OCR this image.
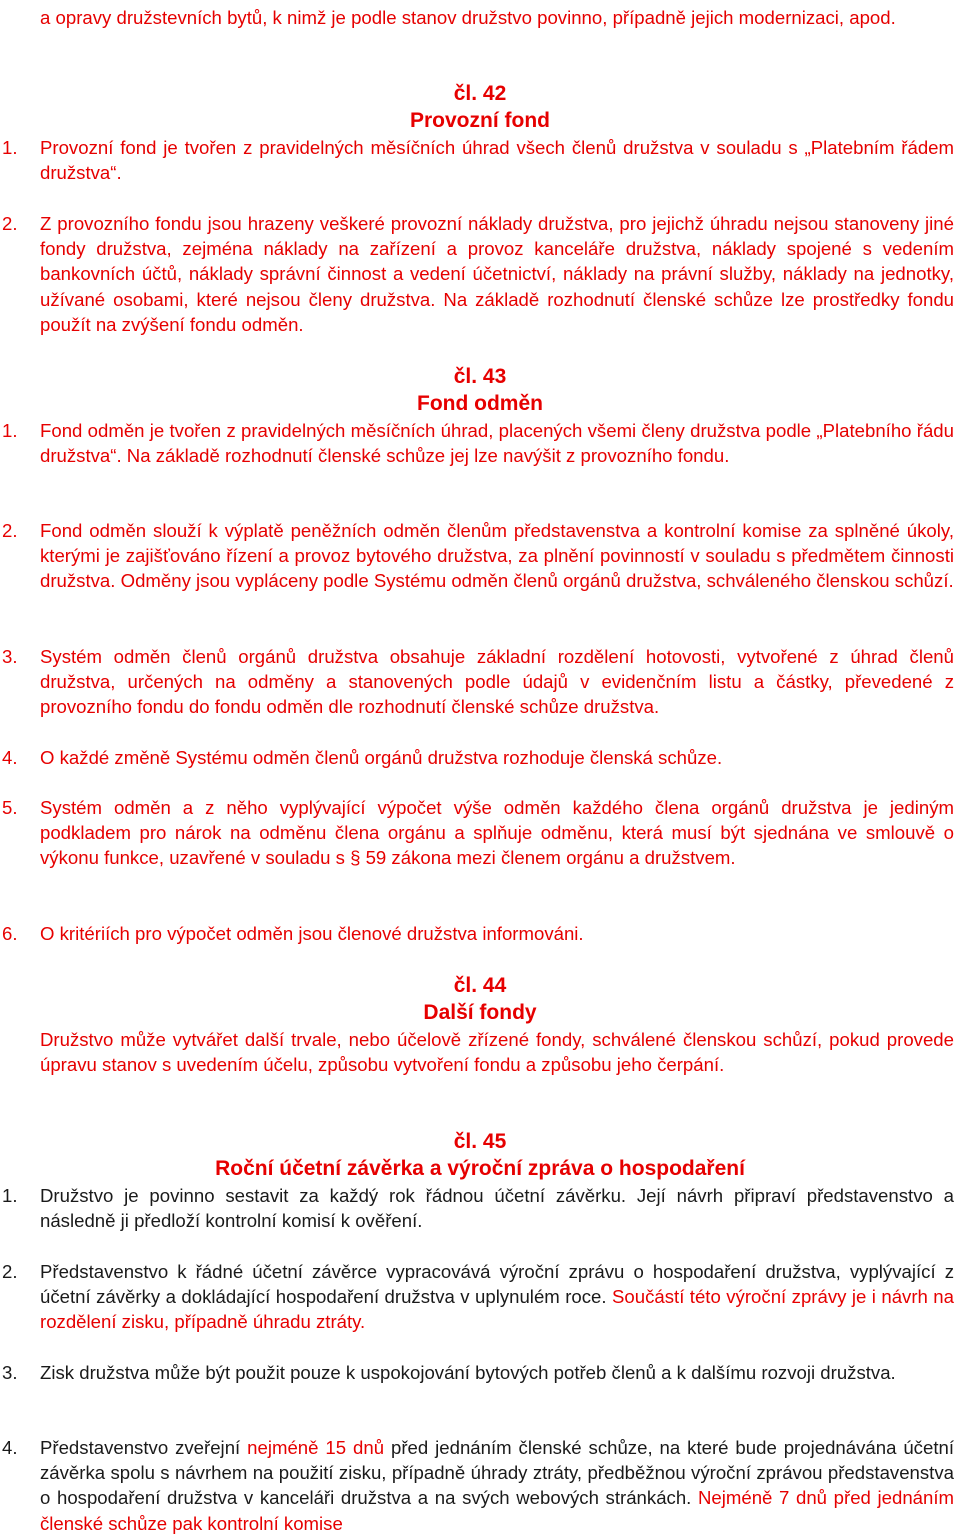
a opravy družstevních bytů, k nimž je podle stanov družstvo povinno, případně jejich modernizaci, apod.

čl. 42

Provozní fond

1.	Provozní fond je tvořen z pravidelných měsíčních úhrad všech členů družstva v souladu s „Platebním řádem družstva“.

2.	Z provozního fondu jsou hrazeny veškeré provozní náklady družstva, pro jejichž úhradu nejsou stanoveny jiné fondy družstva, zejména náklady na zařízení a provoz kanceláře družstva, náklady spojené s vedením bankovních účtů, náklady správní činnost a vedení účetnictví, náklady na právní služby, náklady na jednotky, užívané osobami, které nejsou členy družstva. Na základě rozhodnutí členské schůze lze prostředky fondu použít na zvýšení fondu odměn.

čl. 43

Fond odměn

1.	Fond odměn je tvořen z pravidelných měsíčních úhrad, placených všemi členy družstva podle „Platebního řádu družstva“. Na základě rozhodnutí členské schůze jej lze navýšit z provozního fondu.

2.	Fond odměn slouží k výplatě peněžních odměn členům představenstva a kontrolní komise za splněné úkoly, kterými je zajišťováno řízení a provoz bytového družstva, za plnění povinností v souladu s předmětem činnosti družstva. Odměny jsou vypláceny podle Systému odměn členů orgánů družstva, schváleného členskou schůzí.

3.	Systém odměn členů orgánů družstva obsahuje základní rozdělení hotovosti, vytvořené z úhrad členů družstva, určených na odměny a stanovených podle údajů v evidenčním listu a částky, převedené z provozního fondu do fondu odměn dle rozhodnutí členské schůze družstva.

4.	O každé změně Systému odměn členů orgánů družstva rozhoduje členská schůze.

5.	Systém odměn a z něho vyplývající výpočet výše odměn každého člena orgánů družstva je jediným podkladem pro nárok na odměnu člena orgánu a splňuje odměnu, která musí být sjednána ve smlouvě o výkonu funkce, uzavřené v souladu s § 59 zákona mezi členem orgánu a družstvem.

6.	O kritériích pro výpočet odměn jsou členové družstva informováni.

čl. 44

Další fondy

Družstvo může vytvářet další trvale, nebo účelově zřízené fondy, schválené členskou schůzí, pokud provede úpravu stanov s uvedením účelu, způsobu vytvoření fondu a způsobu jeho čerpání.

čl. 45

Roční účetní závěrka a výroční zpráva o hospodaření

1.	Družstvo je povinno sestavit za každý rok řádnou účetní závěrku. Její návrh připraví představenstvo a následně ji předloží kontrolní komisí k ověření.

2.	Představenstvo k řádné účetní závěrce vypracovává výroční zprávu o hospodaření družstva, vyplývající z účetní závěrky a dokládající hospodaření družstva v uplynulém roce. Součástí této výroční zprávy je i návrh na rozdělení zisku, případně úhradu ztráty.

3.	Zisk družstva může být použit pouze k uspokojování bytových potřeb členů a k dalšímu rozvoji družstva.

4.	Představenstvo zveřejní nejméně 15 dnů před jednáním členské schůze, na které bude projednávána účetní závěrka spolu s návrhem na použití zisku, případně úhrady ztráty, předběžnou výroční zprávou představenstva o hospodaření družstva v kanceláři družstva a na svých webových stránkách. Nejméně 7 dnů před jednáním členské schůze pak kontrolní komise
